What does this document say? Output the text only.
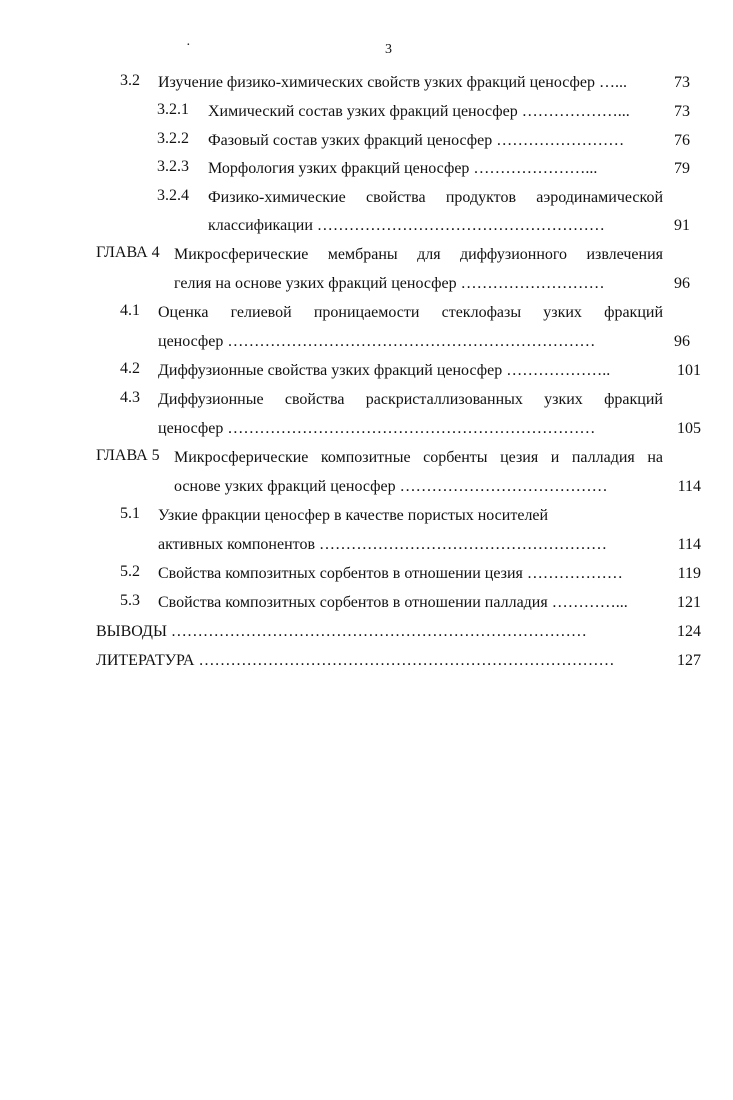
·	3
3.2 Изучение физико-химических свойств узких фракций ценосфер …...	73
3.2.1 Химический состав узких фракций ценосфер ………………...	73
3.2.2 Фазовый состав узких фракций ценосфер ……………………	76
3.2.3 Морфология узких фракций ценосфер …………………...	79
3.2.4 Физико-химические свойства продуктов аэродинамической
классификации ………………………………………………	91
ГЛАВА 4 Микросферические мембраны для диффузионного извлечения
гелия на основе узких фракций ценосфер ………………………	96
4.1 Оценка гелиевой проницаемости стеклофазы узких фракций
ценосфер ……………………………………………………………	96
4.2 Диффузионные свойства узких фракций ценосфер ………………..	101
4.3 Диффузионные свойства раскристаллизованных узких фракций
ценосфер ……………………………………………………………	105
ГЛАВА 5 Микросферические композитные сорбенты цезия и палладия на
основе узких фракций ценосфер …………………………………	114
5.1 Узкие фракции ценосфер в качестве пористых носителей
активных компонентов ………………………………………………	114
5.2 Свойства композитных сорбентов в отношении цезия ………………	119
5.3 Свойства композитных сорбентов в отношении палладия …………...	121
ВЫВОДЫ ……………………………………………………………………	124
ЛИТЕРАТУРА ……………………………………………………………………	127
